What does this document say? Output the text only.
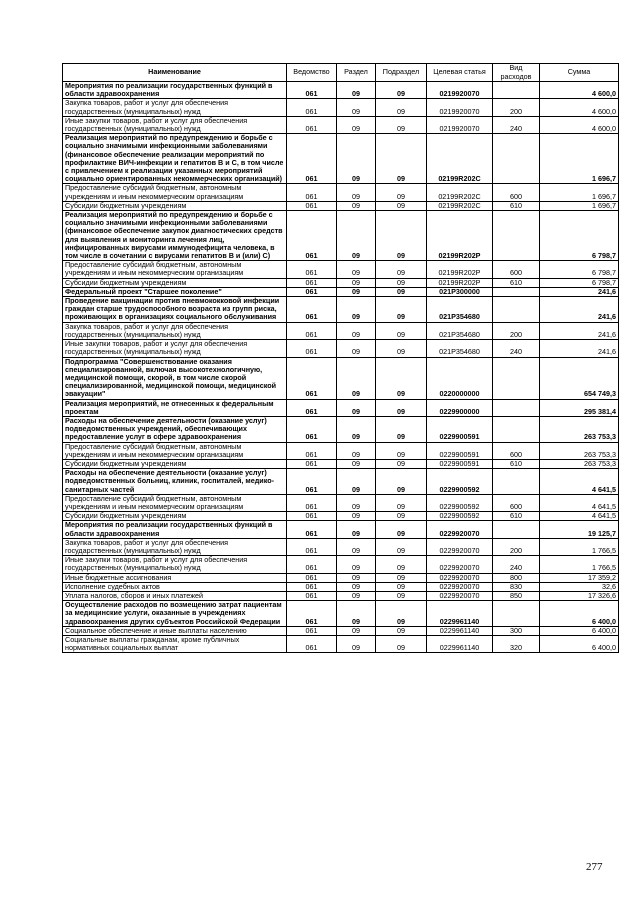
Наименование	Ведомство	Раздел	Подраздел	Целевая статья	Вид расходов	Сумма
Мероприятия по реализации государственных функций в области здравоохранения	061	09	09	0219920070		4 600,0
Закупка товаров, работ и услуг для обеспечения государственных (муниципальных) нужд	061	09	09	0219920070	200	4 600,0
Иные закупки товаров, работ и услуг для обеспечения государственных (муниципальных) нужд	061	09	09	0219920070	240	4 600,0
Реализация мероприятий по предупреждению и борьбе с социально значимыми инфекционными заболеваниями (финансовое обеспечение реализации мероприятий по профилактике ВИЧ-инфекции и гепатитов В и С, в том числе с привлечением к реализации указанных мероприятий социально ориентированных некоммерческих организаций)	061	09	09	02199R202C		1 696,7
Предоставление субсидий бюджетным, автономным учреждениям и иным некоммерческим организациям	061	09	09	02199R202C	600	1 696,7
Субсидии бюджетным учреждениям	061	09	09	02199R202C	610	1 696,7
Реализация мероприятий по предупреждению и борьбе с социально значимыми инфекционными заболеваниями (финансовое обеспечение закупок диагностических средств для выявления и мониторинга лечения лиц, инфицированных вирусами иммунодефицита человека, в том числе в сочетании с вирусами гепатитов В и (или) С)	061	09	09	02199R202P		6 798,7
Предоставление субсидий бюджетным, автономным учреждениям и иным некоммерческим организациям	061	09	09	02199R202P	600	6 798,7
Субсидии бюджетным учреждениям	061	09	09	02199R202P	610	6 798,7
Федеральный проект "Старшее поколение"	061	09	09	021P300000		241,6
Проведение вакцинации против пневмококковой инфекции граждан старше трудоспособного возраста из групп риска, проживающих в организациях социального обслуживания	061	09	09	021P354680		241,6
Закупка товаров, работ и услуг для обеспечения государственных (муниципальных) нужд	061	09	09	021P354680	200	241,6
Иные закупки товаров, работ и услуг для обеспечения государственных (муниципальных) нужд	061	09	09	021P354680	240	241,6
Подпрограмма "Совершенствование оказания специализированной, включая высокотехнологичную, медицинской помощи, скорой, в том числе скорой специализированной, медицинской помощи, медицинской эвакуации"	061	09	09	0220000000		654 749,3
Реализация мероприятий, не отнесенных к федеральным проектам	061	09	09	0229900000		295 381,4
Расходы на обеспечение деятельности (оказание услуг) подведомственных учреждений, обеспечивающих предоставление услуг в сфере здравоохранения	061	09	09	0229900591		263 753,3
Предоставление субсидий бюджетным, автономным учреждениям и иным некоммерческим организациям	061	09	09	0229900591	600	263 753,3
Субсидии бюджетным учреждениям	061	09	09	0229900591	610	263 753,3
Расходы на обеспечение деятельности (оказание услуг) подведомственных больниц, клиник, госпиталей, медико-санитарных частей	061	09	09	0229900592		4 641,5
Предоставление субсидий бюджетным, автономным учреждениям и иным некоммерческим организациям	061	09	09	0229900592	600	4 641,5
Субсидии бюджетным учреждениям	061	09	09	0229900592	610	4 641,5
Мероприятия по реализации государственных функций в области здравоохранения	061	09	09	0229920070		19 125,7
Закупка товаров, работ и услуг для обеспечения государственных (муниципальных) нужд	061	09	09	0229920070	200	1 766,5
Иные закупки товаров, работ и услуг для обеспечения государственных (муниципальных) нужд	061	09	09	0229920070	240	1 766,5
Иные бюджетные ассигнования	061	09	09	0229920070	800	17 359,2
Исполнение судебных актов	061	09	09	0229920070	830	32,6
Уплата налогов, сборов и иных платежей	061	09	09	0229920070	850	17 326,6
Осуществление расходов по возмещению затрат пациентам за медицинские услуги, оказанные в учреждениях здравоохранения других субъектов Российской Федерации	061	09	09	0229961140		6 400,0
Социальное обеспечение и иные выплаты населению	061	09	09	0229961140	300	6 400,0
Социальные выплаты гражданам, кроме публичных нормативных социальных выплат	061	09	09	0229961140	320	6 400,0
277
